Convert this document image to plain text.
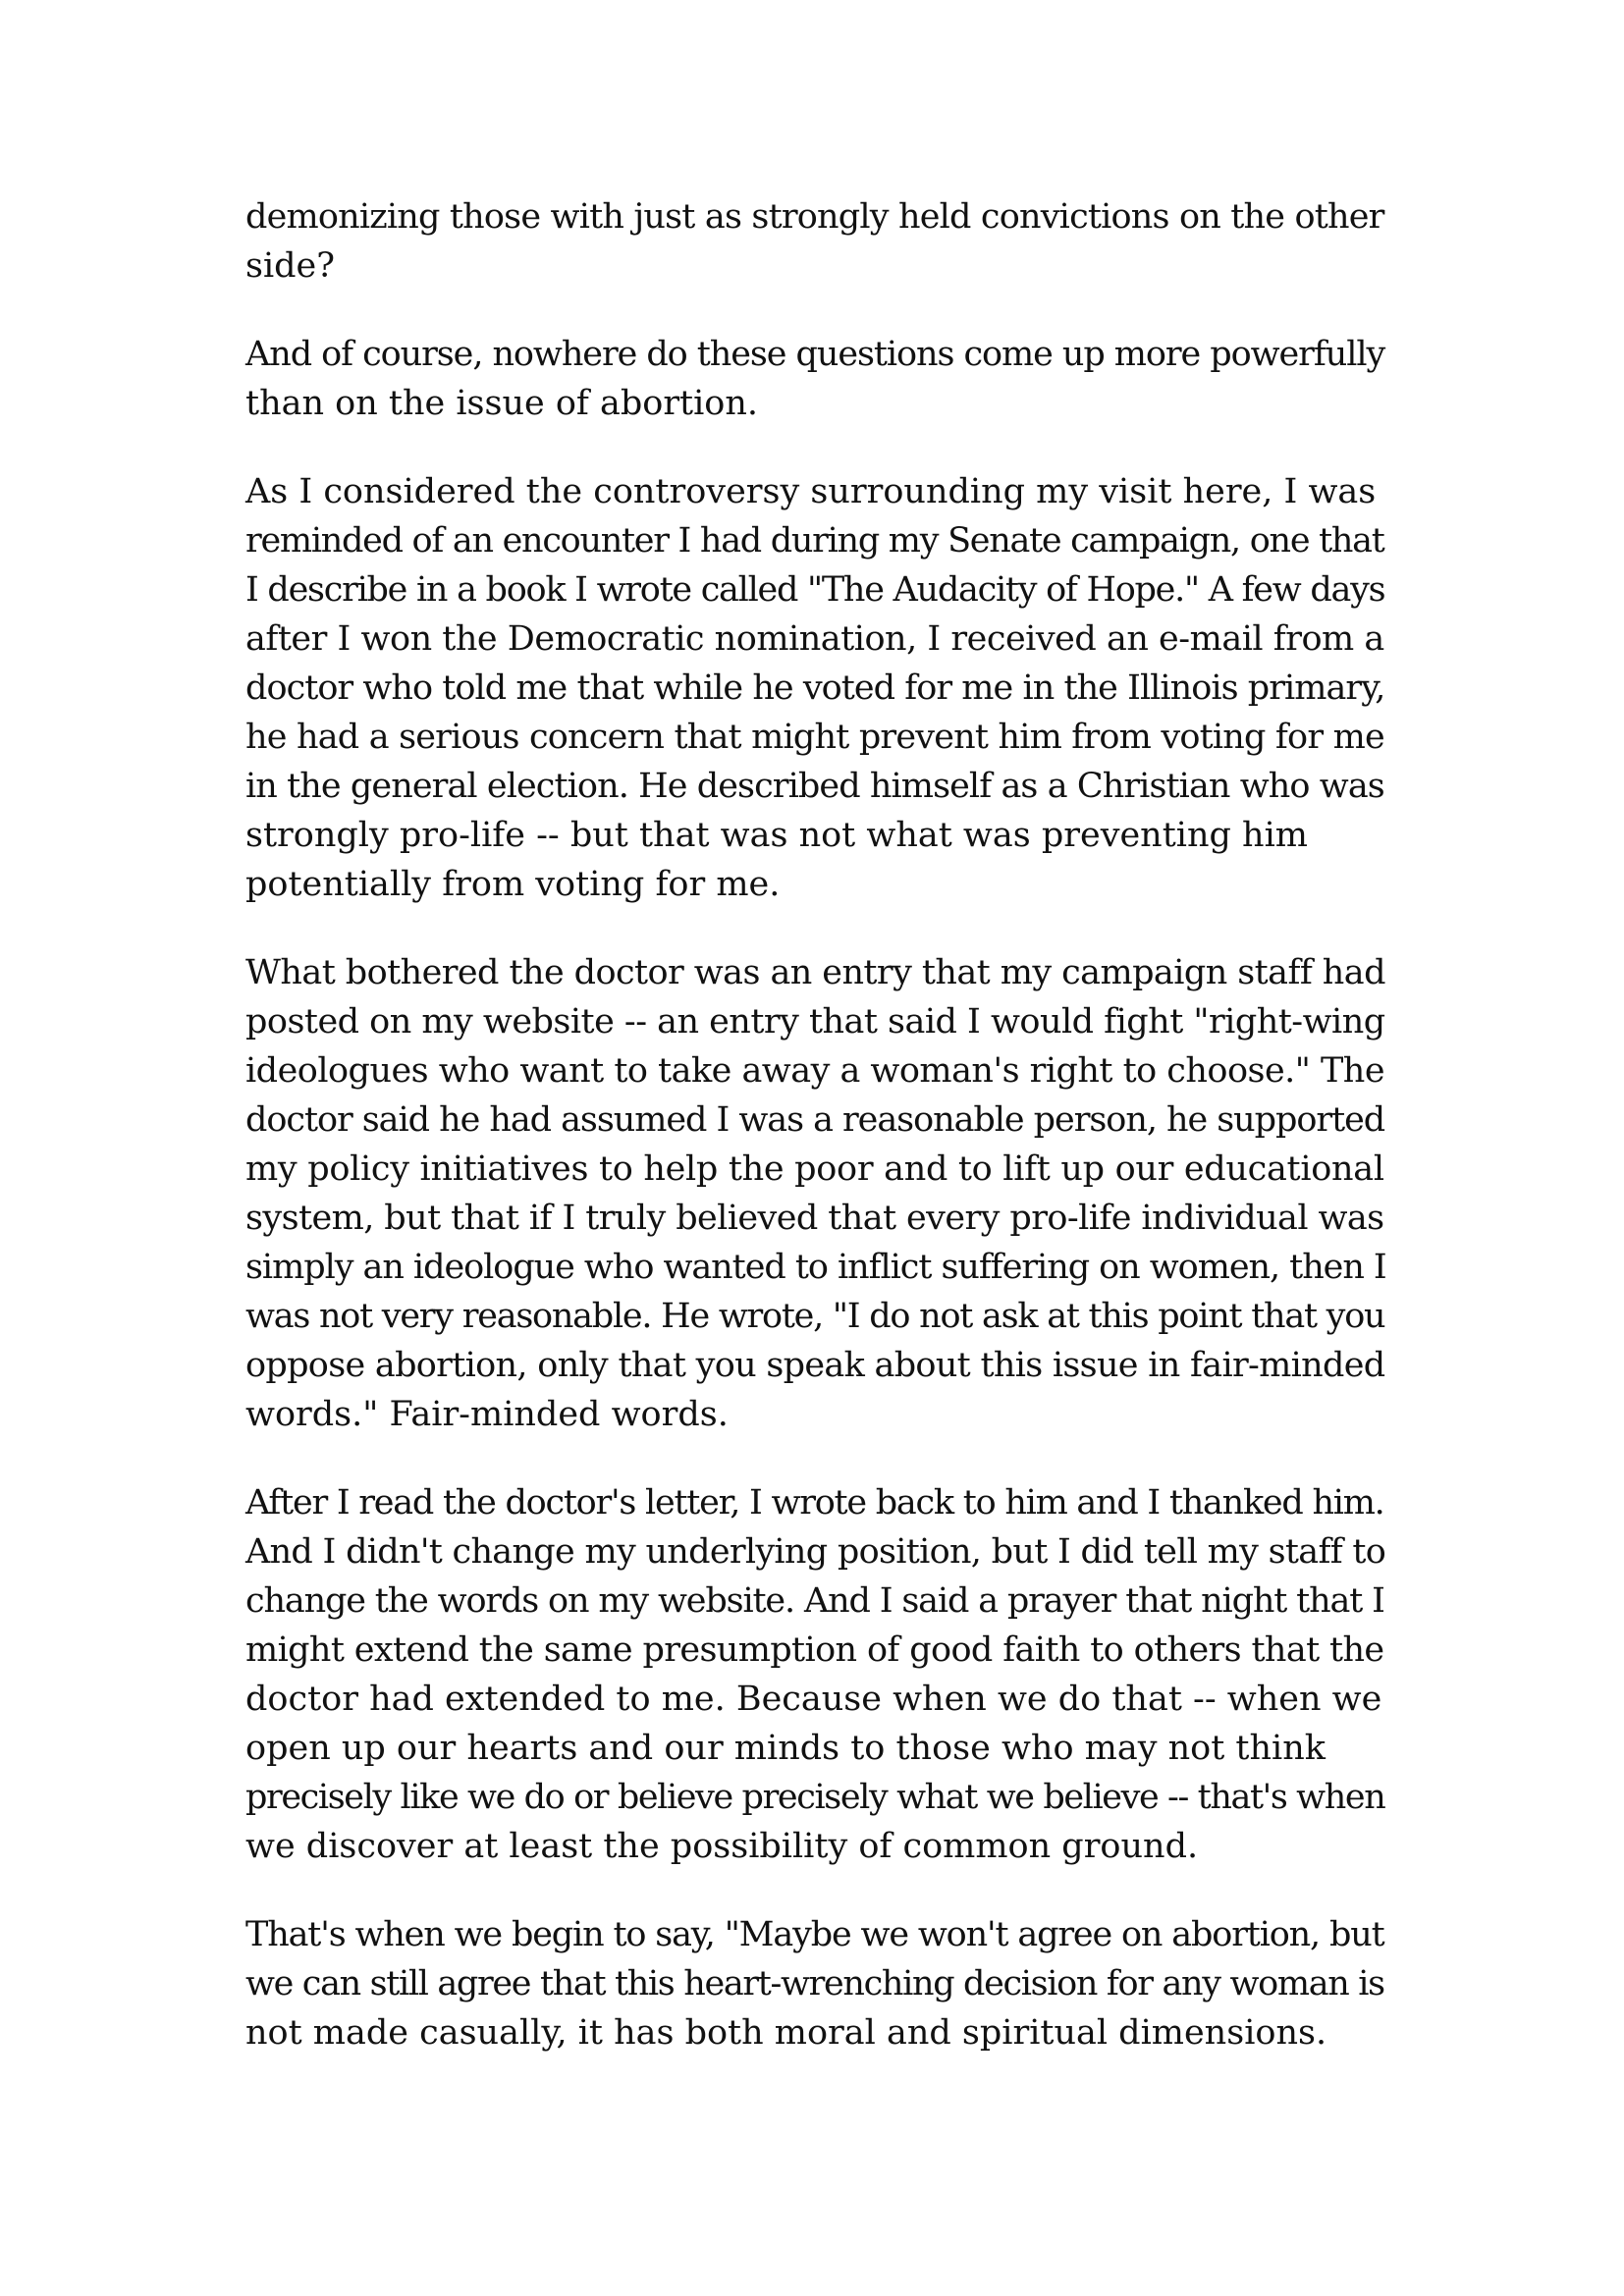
demonizing those with just as strongly held convictions on the other
side?

And of course, nowhere do these questions come up more powerfully
than on the issue of abortion.

As I considered the controversy surrounding my visit here, I was
reminded of an encounter I had during my Senate campaign, one that
I describe in a book I wrote called "The Audacity of Hope." A few days
after I won the Democratic nomination, I received an e-mail from a
doctor who told me that while he voted for me in the Illinois primary,
he had a serious concern that might prevent him from voting for me
in the general election. He described himself as a Christian who was
strongly pro-life -- but that was not what was preventing him
potentially from voting for me.

What bothered the doctor was an entry that my campaign staff had
posted on my website -- an entry that said I would fight "right-wing
ideologues who want to take away a woman's right to choose." The
doctor said he had assumed I was a reasonable person, he supported
my policy initiatives to help the poor and to lift up our educational
system, but that if I truly believed that every pro-life individual was
simply an ideologue who wanted to inflict suffering on women, then I
was not very reasonable. He wrote, "I do not ask at this point that you
oppose abortion, only that you speak about this issue in fair-minded
words." Fair-minded words.

After I read the doctor's letter, I wrote back to him and I thanked him.
And I didn't change my underlying position, but I did tell my staff to
change the words on my website. And I said a prayer that night that I
might extend the same presumption of good faith to others that the
doctor had extended to me. Because when we do that -- when we
open up our hearts and our minds to those who may not think
precisely like we do or believe precisely what we believe -- that's when
we discover at least the possibility of common ground.

That's when we begin to say, "Maybe we won't agree on abortion, but
we can still agree that this heart-wrenching decision for any woman is
not made casually, it has both moral and spiritual dimensions.
